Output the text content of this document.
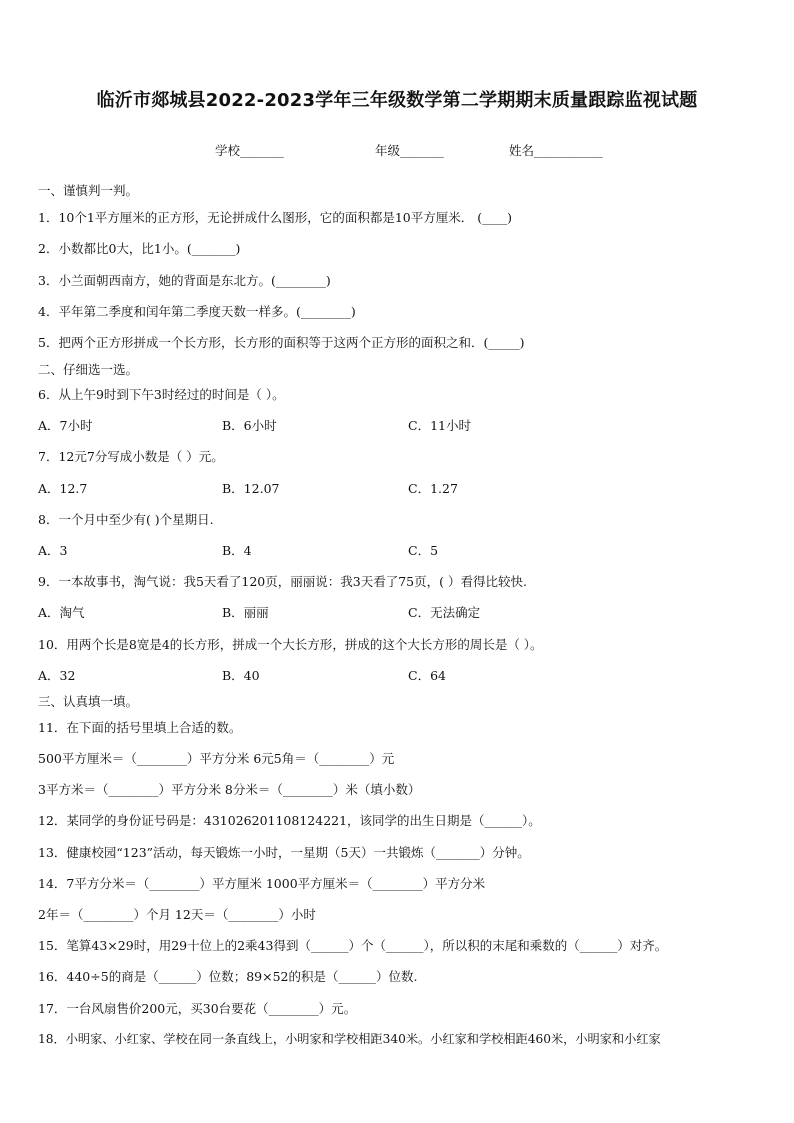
临沂市郯城县2022-2023学年三年级数学第二学期期末质量跟踪监视试题
学校_______	年级_______	姓名___________
一、谨慎判一判。
1．10个1平方厘米的正方形，无论拼成什么图形，它的面积都是10平方厘米． (____)
2．小数都比0大，比1小。(_______)
3．小兰面朝西南方，她的背面是东北方。(________)
4．平年第二季度和闰年第二季度天数一样多。(________)
5．把两个正方形拼成一个长方形，长方形的面积等于这两个正方形的面积之和．(_____)
二、仔细选一选。
6．从上午9时到下午3时经过的时间是（ ）。
A．7小时	B．6小时	C．11小时
7．12元7分写成小数是（ ）元。
A．12.7	B．12.07	C．1.27
8．一个月中至少有( )个星期日.
A．3	B．4	C．5
9．一本故事书，淘气说：我5天看了120页，丽丽说：我3天看了75页，( ）看得比较快.
A．淘气	B．丽丽	C．无法确定
10．用两个长是8宽是4的长方形，拼成一个大长方形，拼成的这个大长方形的周长是（ ）。
A．32	B．40	C．64
三、认真填一填。
11．在下面的括号里填上合适的数。
500平方厘米＝（________）平方分米 6元5角＝（________）元
3平方米＝（________）平方分米 8分米＝（________）米（填小数）
12．某同学的身份证号码是：431026201108124221，该同学的出生日期是（______）。
13．健康校园“123”活动，每天锻炼一小时，一星期（5天）一共锻炼（_______）分钟。
14．7平方分米＝（________）平方厘米 1000平方厘米＝（________）平方分米
2年＝（________）个月 12天＝（________）小时
15．笔算43×29时，用29十位上的2乘43得到（______）个（______），所以积的末尾和乘数的（______）对齐。
16．440÷5的商是（______）位数；89×52的积是（______）位数.
17．一台风扇售价200元，买30台要花（________）元。
18．小明家、小红家、学校在同一条直线上，小明家和学校相距340米。小红家和学校相距460米，小明家和小红家
